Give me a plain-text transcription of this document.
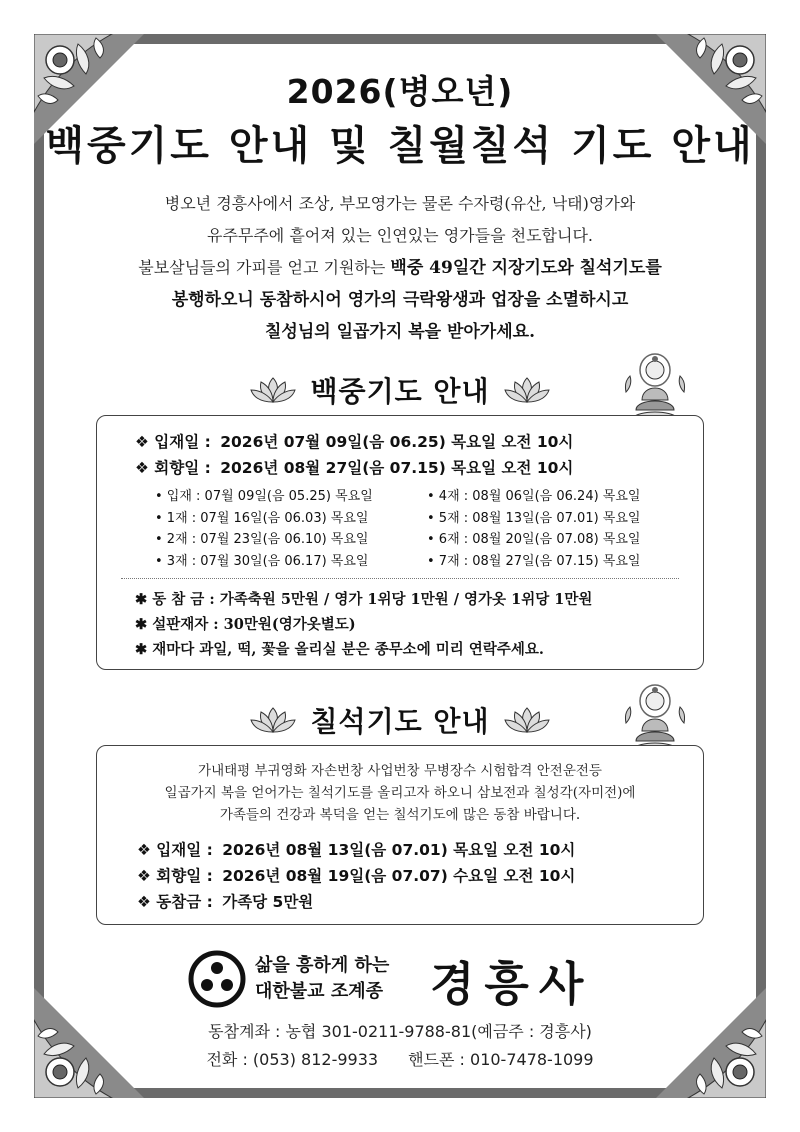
2026(병오년)
백중기도 안내 및 칠월칠석 기도 안내
병오년 경흥사에서 조상, 부모영가는 물론 수자령(유산, 낙태)영가와
유주무주에 흩어져 있는 인연있는 영가들을 천도합니다.
불보살님들의 가피를 얻고 기원하는 백중 49일간 지장기도와 칠석기도를
봉행하오니 동참하시어 영가의 극락왕생과 업장을 소멸하시고
칠성님의 일곱가지 복을 받아가세요.
백중기도 안내
❖ 입재일 : 2026년 07월 09일(음 06.25) 목요일 오전 10시
❖ 회향일 : 2026년 08월 27일(음 07.15) 목요일 오전 10시
• 입재 : 07월 09일(음 05.25) 목요일
• 1재 : 07월 16일(음 06.03) 목요일
• 2재 : 07월 23일(음 06.10) 목요일
• 3재 : 07월 30일(음 06.17) 목요일
• 4재 : 08월 06일(음 06.24) 목요일
• 5재 : 08월 13일(음 07.01) 목요일
• 6재 : 08월 20일(음 07.08) 목요일
• 7재 : 08월 27일(음 07.15) 목요일
✱ 동 참 금 : 가족축원 5만원 / 영가 1위당 1만원 / 영가옷 1위당 1만원
✱ 설판재자 : 30만원(영가옷별도)
✱ 재마다 과일, 떡, 꽃을 올리실 분은 종무소에 미리 연락주세요.
칠석기도 안내
가내태평 부귀영화 자손번창 사업번창 무병장수 시험합격 안전운전등
일곱가지 복을 얻어가는 칠석기도를 올리고자 하오니 삼보전과 칠성각(자미전)에
가족들의 건강과 복덕을 얻는 칠석기도에 많은 동참 바랍니다.
❖ 입재일 : 2026년 08월 13일(음 07.01) 목요일 오전 10시
❖ 회향일 : 2026년 08월 19일(음 07.07) 수요일 오전 10시
❖ 동참금 : 가족당 5만원
삶을 흥하게 하는
대한불교 조계종 경흥사
동참계좌 : 농협 301-0211-9788-81(예금주 : 경흥사)
전화 : (053) 812-9933 핸드폰 : 010-7478-1099
